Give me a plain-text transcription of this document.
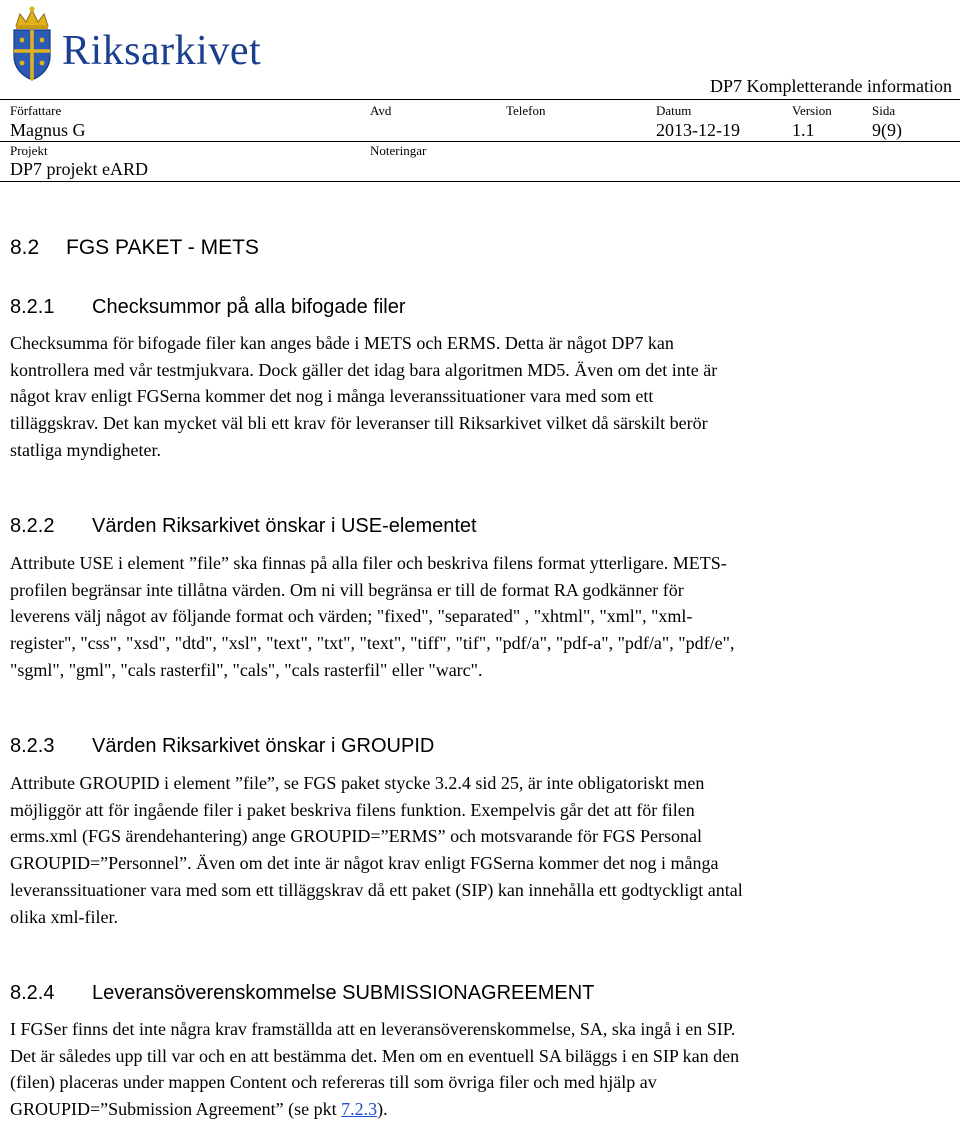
Riksarkivet
DP7 Kompletterande information
Författare
Magnus G
Avd	Telefon	Datum
2013-12-19
Version
1.1
Sida
9(9)
Projekt
DP7 projekt eARD
Noteringar
8.2 FGS PAKET - METS
8.2.1 Checksummor på alla bifogade filer
Checksumma för bifogade filer kan anges både i METS och ERMS. Detta är något DP7 kan
kontrollera med vår testmjukvara. Dock gäller det idag bara algoritmen MD5. Även om det inte är
något krav enligt FGSerna kommer det nog i många leveranssituationer vara med som ett
tilläggskrav. Det kan mycket väl bli ett krav för leveranser till Riksarkivet vilket då särskilt berör
statliga myndigheter.
8.2.2 Värden Riksarkivet önskar i USE-elementet
Attribute USE i element ”file” ska finnas på alla filer och beskriva filens format ytterligare. METS-
profilen begränsar inte tillåtna värden. Om ni vill begränsa er till de format RA godkänner för
leverens välj något av följande format och värden; "fixed", "separated" , "xhtml", "xml", "xml-
register", "css", "xsd", "dtd", "xsl", "text", "txt", "text", "tiff", "tif", "pdf/a", "pdf-a", "pdf/a", "pdf/e",
"sgml", "gml", "cals rasterfil", "cals", "cals rasterfil" eller "warc".
8.2.3 Värden Riksarkivet önskar i GROUPID
Attribute GROUPID i element ”file”, se FGS paket stycke 3.2.4 sid 25, är inte obligatoriskt men
möjliggör att för ingående filer i paket beskriva filens funktion. Exempelvis går det att för filen
erms.xml (FGS ärendehantering) ange GROUPID=”ERMS” och motsvarande för FGS Personal
GROUPID=”Personnel”. Även om det inte är något krav enligt FGSerna kommer det nog i många
leveranssituationer vara med som ett tilläggskrav då ett paket (SIP) kan innehålla ett godtyckligt antal
olika xml-filer.
8.2.4 Leveransöverenskommelse SUBMISSIONAGREEMENT
I FGSer finns det inte några krav framställda att en leveransöverenskommelse, SA, ska ingå i en SIP.
Det är således upp till var och en att bestämma det. Men om en eventuell SA biläggs i en SIP kan den
(filen) placeras under mappen Content och refereras till som övriga filer och med hjälp av
GROUPID=”Submission Agreement” (se pkt 7.2.3).
